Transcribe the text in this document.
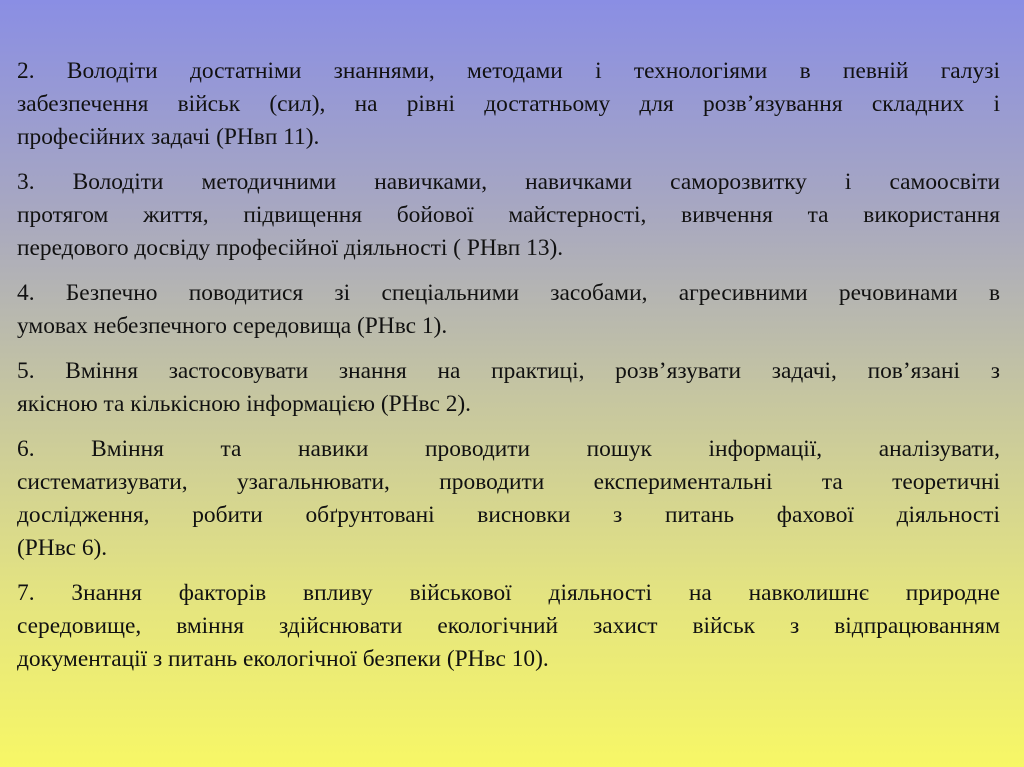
2. Володіти достатніми знаннями, методами і технологіями в певній галузі
забезпечення військ (сил), на рівні достатньому для розв’язування складних і
професійних задачі (РНвп 11).

3. Володіти методичними навичками, навичками саморозвитку і самоосвіти
протягом життя, підвищення бойової майстерності, вивчення та використання
передового досвіду професійної діяльності ( РНвп 13).

4. Безпечно поводитися зі спеціальними засобами, агресивними речовинами в
умовах небезпечного середовища (РНвс 1).

5. Вміння застосовувати знання на практиці, розв’язувати задачі, пов’язані з
якісною та кількісною інформацією (РНвс 2).

6. Вміння та навики проводити пошук інформації, аналізувати,
систематизувати, узагальнювати, проводити експериментальні та теоретичні
дослідження, робити обґрунтовані висновки з питань фахової діяльності
(РНвс 6).

7. Знання факторів впливу військової діяльності на навколишнє природне
середовище, вміння здійснювати екологічний захист військ з відпрацюванням
документації з питань екологічної безпеки (РНвс 10).
